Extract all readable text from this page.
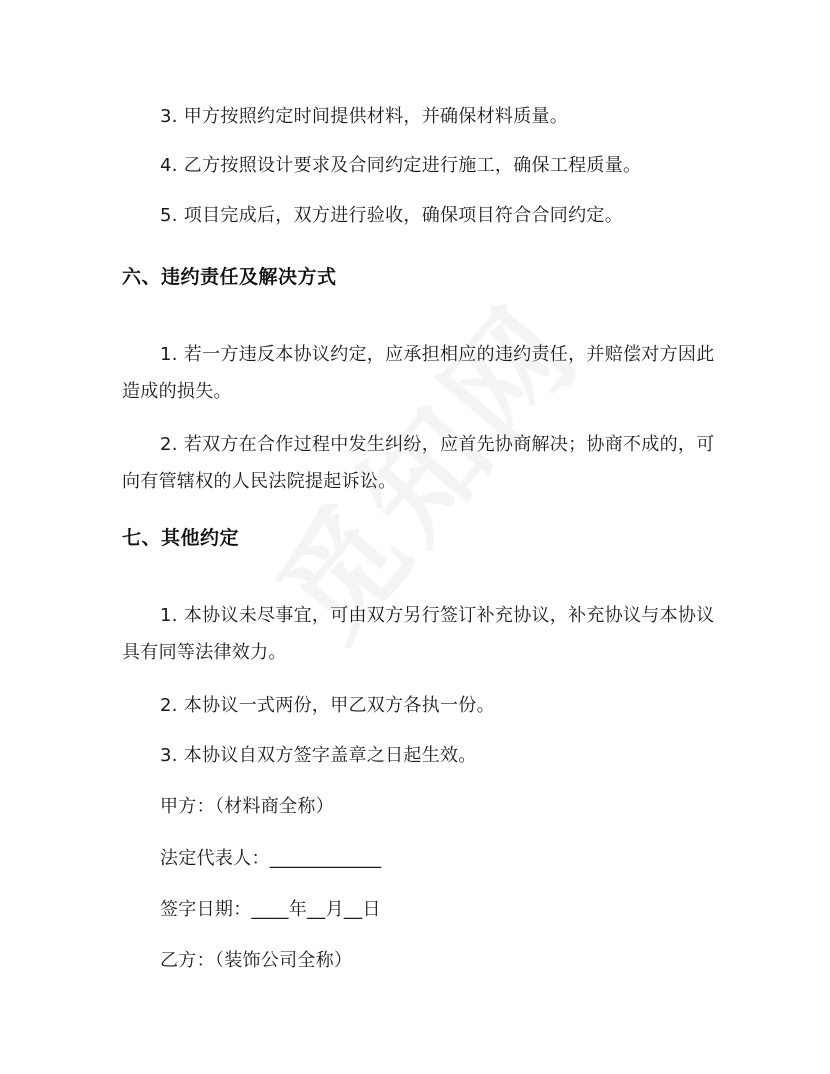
3. 甲方按照约定时间提供材料，并确保材料质量。
4. 乙方按照设计要求及合同约定进行施工，确保工程质量。
5. 项目完成后，双方进行验收，确保项目符合合同约定。
六、违约责任及解决方式
1. 若一方违反本协议约定，应承担相应的违约责任，并赔偿对方因此造成的损失。
2. 若双方在合作过程中发生纠纷，应首先协商解决；协商不成的，可向有管辖权的人民法院提起诉讼。
七、其他约定
1. 本协议未尽事宜，可由双方另行签订补充协议，补充协议与本协议具有同等法律效力。
2. 本协议一式两份，甲乙双方各执一份。
3. 本协议自双方签字盖章之日起生效。
甲方：（材料商全称）
法定代表人：____________
签字日期：____年__月__日
乙方：（装饰公司全称）
